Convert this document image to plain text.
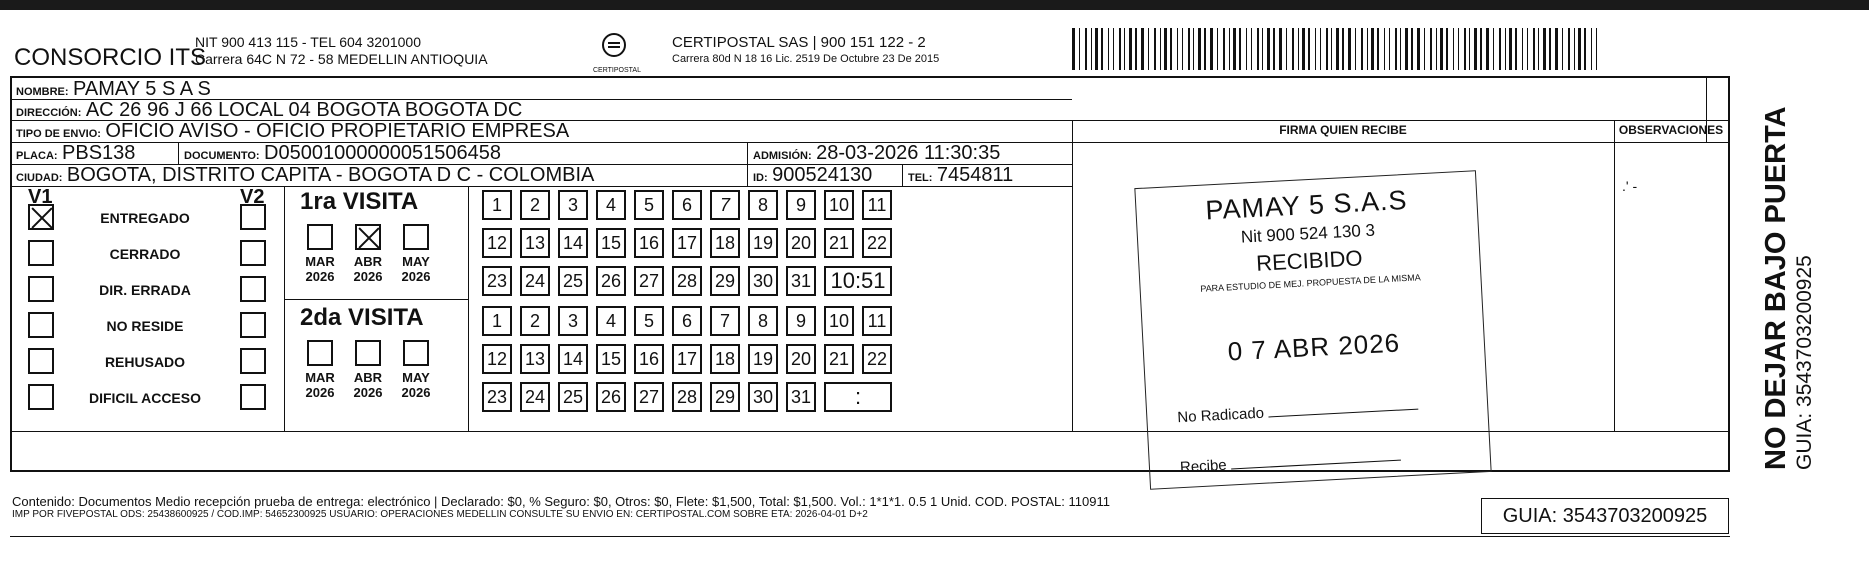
CONSORCIO ITS
NIT 900 413 115 - TEL 604 3201000
Carrera 64C N 72 - 58 MEDELLIN ANTIOQUIA
CERTIPOSTAL
CERTIPOSTAL SAS | 900 151 122 - 2
Carrera 80d N 18 16 Lic. 2519 De Octubre 23 De 2015
NOMBRE: PAMAY 5 S A S
DIRECCIÓN: AC 26 96 J 66 LOCAL 04 BOGOTA BOGOTA DC
TIPO DE ENVIO: OFICIO AVISO - OFICIO PROPIETARIO EMPRESA
PLACA: PBS138	DOCUMENTO: D05001000000051506458	ADMISIÓN: 28-03-2026 11:30:35
CIUDAD: BOGOTA, DISTRITO CAPITA - BOGOTA D C - COLOMBIA	ID: 900524130	TEL: 7454811
FIRMA QUIEN RECIBE	OBSERVACIONES
.' -
V1	V2
ENTREGADO
CERRADO
DIR. ERRADA
NO RESIDE
REHUSADO
DIFICIL ACCESO
1ra VISITA
2da VISITA
MAR
2026
ABR
2026
MAY
2026
MAR
2026
ABR
2026
MAY
2026
1	2	3	4	5	6	7	8	9	10	11
12 13 14 15 16 17 18 19 20 21 22
23 24 25 26 27 28 29 30 31 10:51
1	2	3	4	5	6	7	8	9	10	11
12 13 14 15 16 17 18 19 20 21 22
23 24 25 26 27 28 29 30 31	:
PAMAY 5 S.A.S
Nit 900 524 130 3
RECIBIDO
PARA ESTUDIO DE MEJ. PROPUESTA DE LA MISMA
0 7 ABR 2026
No Radicado
Recibe
Contenido: Documentos Medio recepción prueba de entrega: electrónico | Declarado: $0, % Seguro: $0, Otros: $0, Flete: $1,500, Total: $1,500. Vol.: 1*1*1. 0.5 1 Unid. COD. POSTAL: 110911
IMP POR FIVEPOSTAL ODS: 25438600925 / COD.IMP: 54652300925 USUARIO: OPERACIONES MEDELLIN CONSULTE SU ENVIO EN: CERTIPOSTAL.COM SOBRE ETA: 2026-04-01 D+2	GUIA: 3543703200925
NO DEJAR BAJO PUERTA GUIA: 3543703200925
